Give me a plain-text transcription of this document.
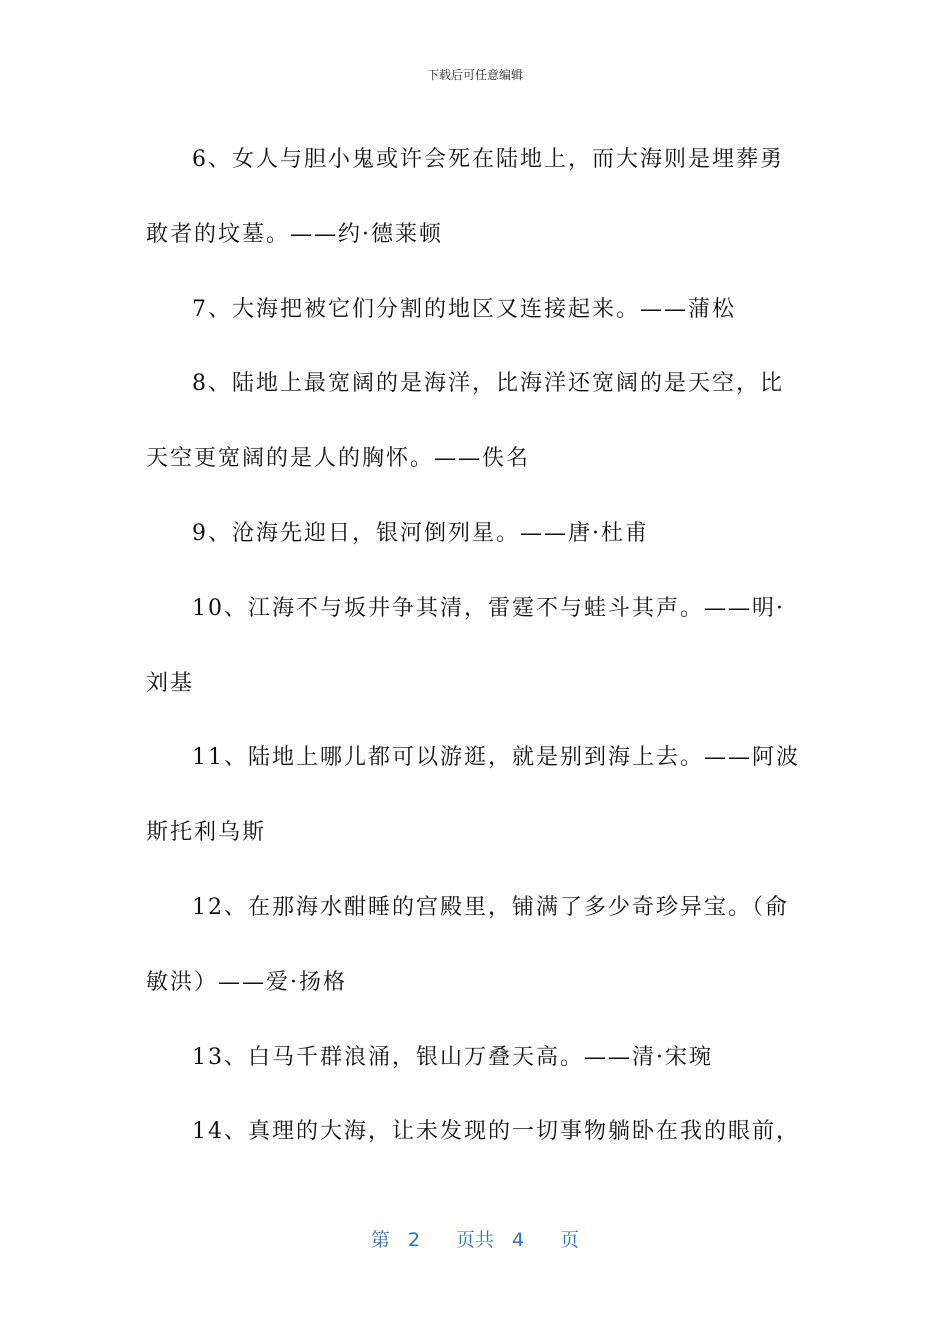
下载后可任意编辑

6、女人与胆小鬼或许会死在陆地上，而大海则是埋葬勇敢者的坟墓。——约·德莱顿

7、大海把被它们分割的地区又连接起来。——蒲松

8、陆地上最宽阔的是海洋，比海洋还宽阔的是天空，比天空更宽阔的是人的胸怀。——佚名

9、沧海先迎日，银河倒列星。——唐·杜甫

10、江海不与坂井争其清，雷霆不与蛙斗其声。——明·刘基

11、陆地上哪儿都可以游逛，就是别到海上去。——阿波斯托利乌斯

12、在那海水酣睡的宫殿里，铺满了多少奇珍异宝。（俞敏洪）——爱·扬格

13、白马千群浪涌，银山万叠天高。——清·宋琬

14、真理的大海，让未发现的一切事物躺卧在我的眼前，

第 2 页共 4 页
